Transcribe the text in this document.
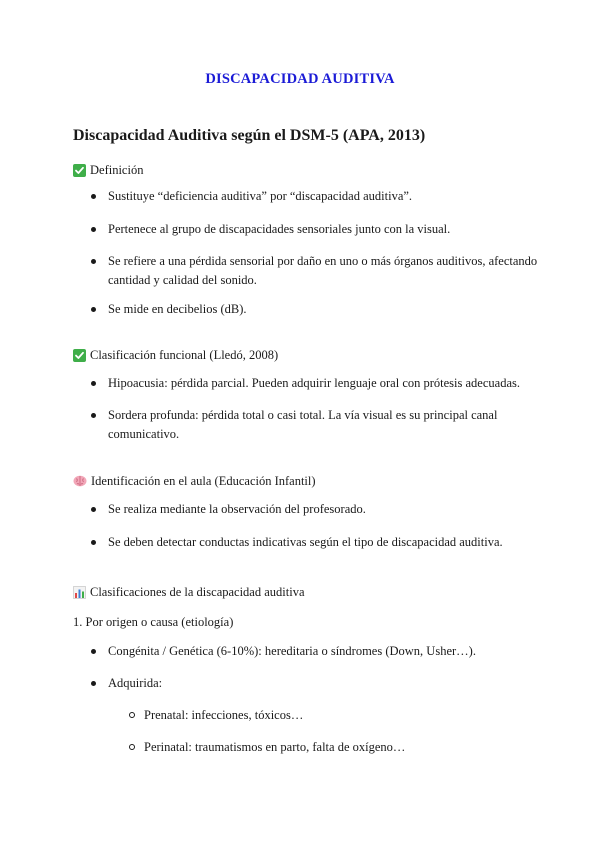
DISCAPACIDAD AUDITIVA
Discapacidad Auditiva según el DSM-5 (APA, 2013)
Definición
Sustituye “deficiencia auditiva” por “discapacidad auditiva”.
Pertenece al grupo de discapacidades sensoriales junto con la visual.
Se refiere a una pérdida sensorial por daño en uno o más órganos auditivos, afectando cantidad y calidad del sonido.
Se mide en decibelios (dB).
Clasificación funcional (Lledó, 2008)
Hipoacusia: pérdida parcial. Pueden adquirir lenguaje oral con prótesis adecuadas.
Sordera profunda: pérdida total o casi total. La vía visual es su principal canal comunicativo.
Identificación en el aula (Educación Infantil)
Se realiza mediante la observación del profesorado.
Se deben detectar conductas indicativas según el tipo de discapacidad auditiva.
Clasificaciones de la discapacidad auditiva
1. Por origen o causa (etiología)
Congénita / Genética (6-10%): hereditaria o síndromes (Down, Usher…).
Adquirida:
Prenatal: infecciones, tóxicos…
Perinatal: traumatismos en parto, falta de oxígeno…
